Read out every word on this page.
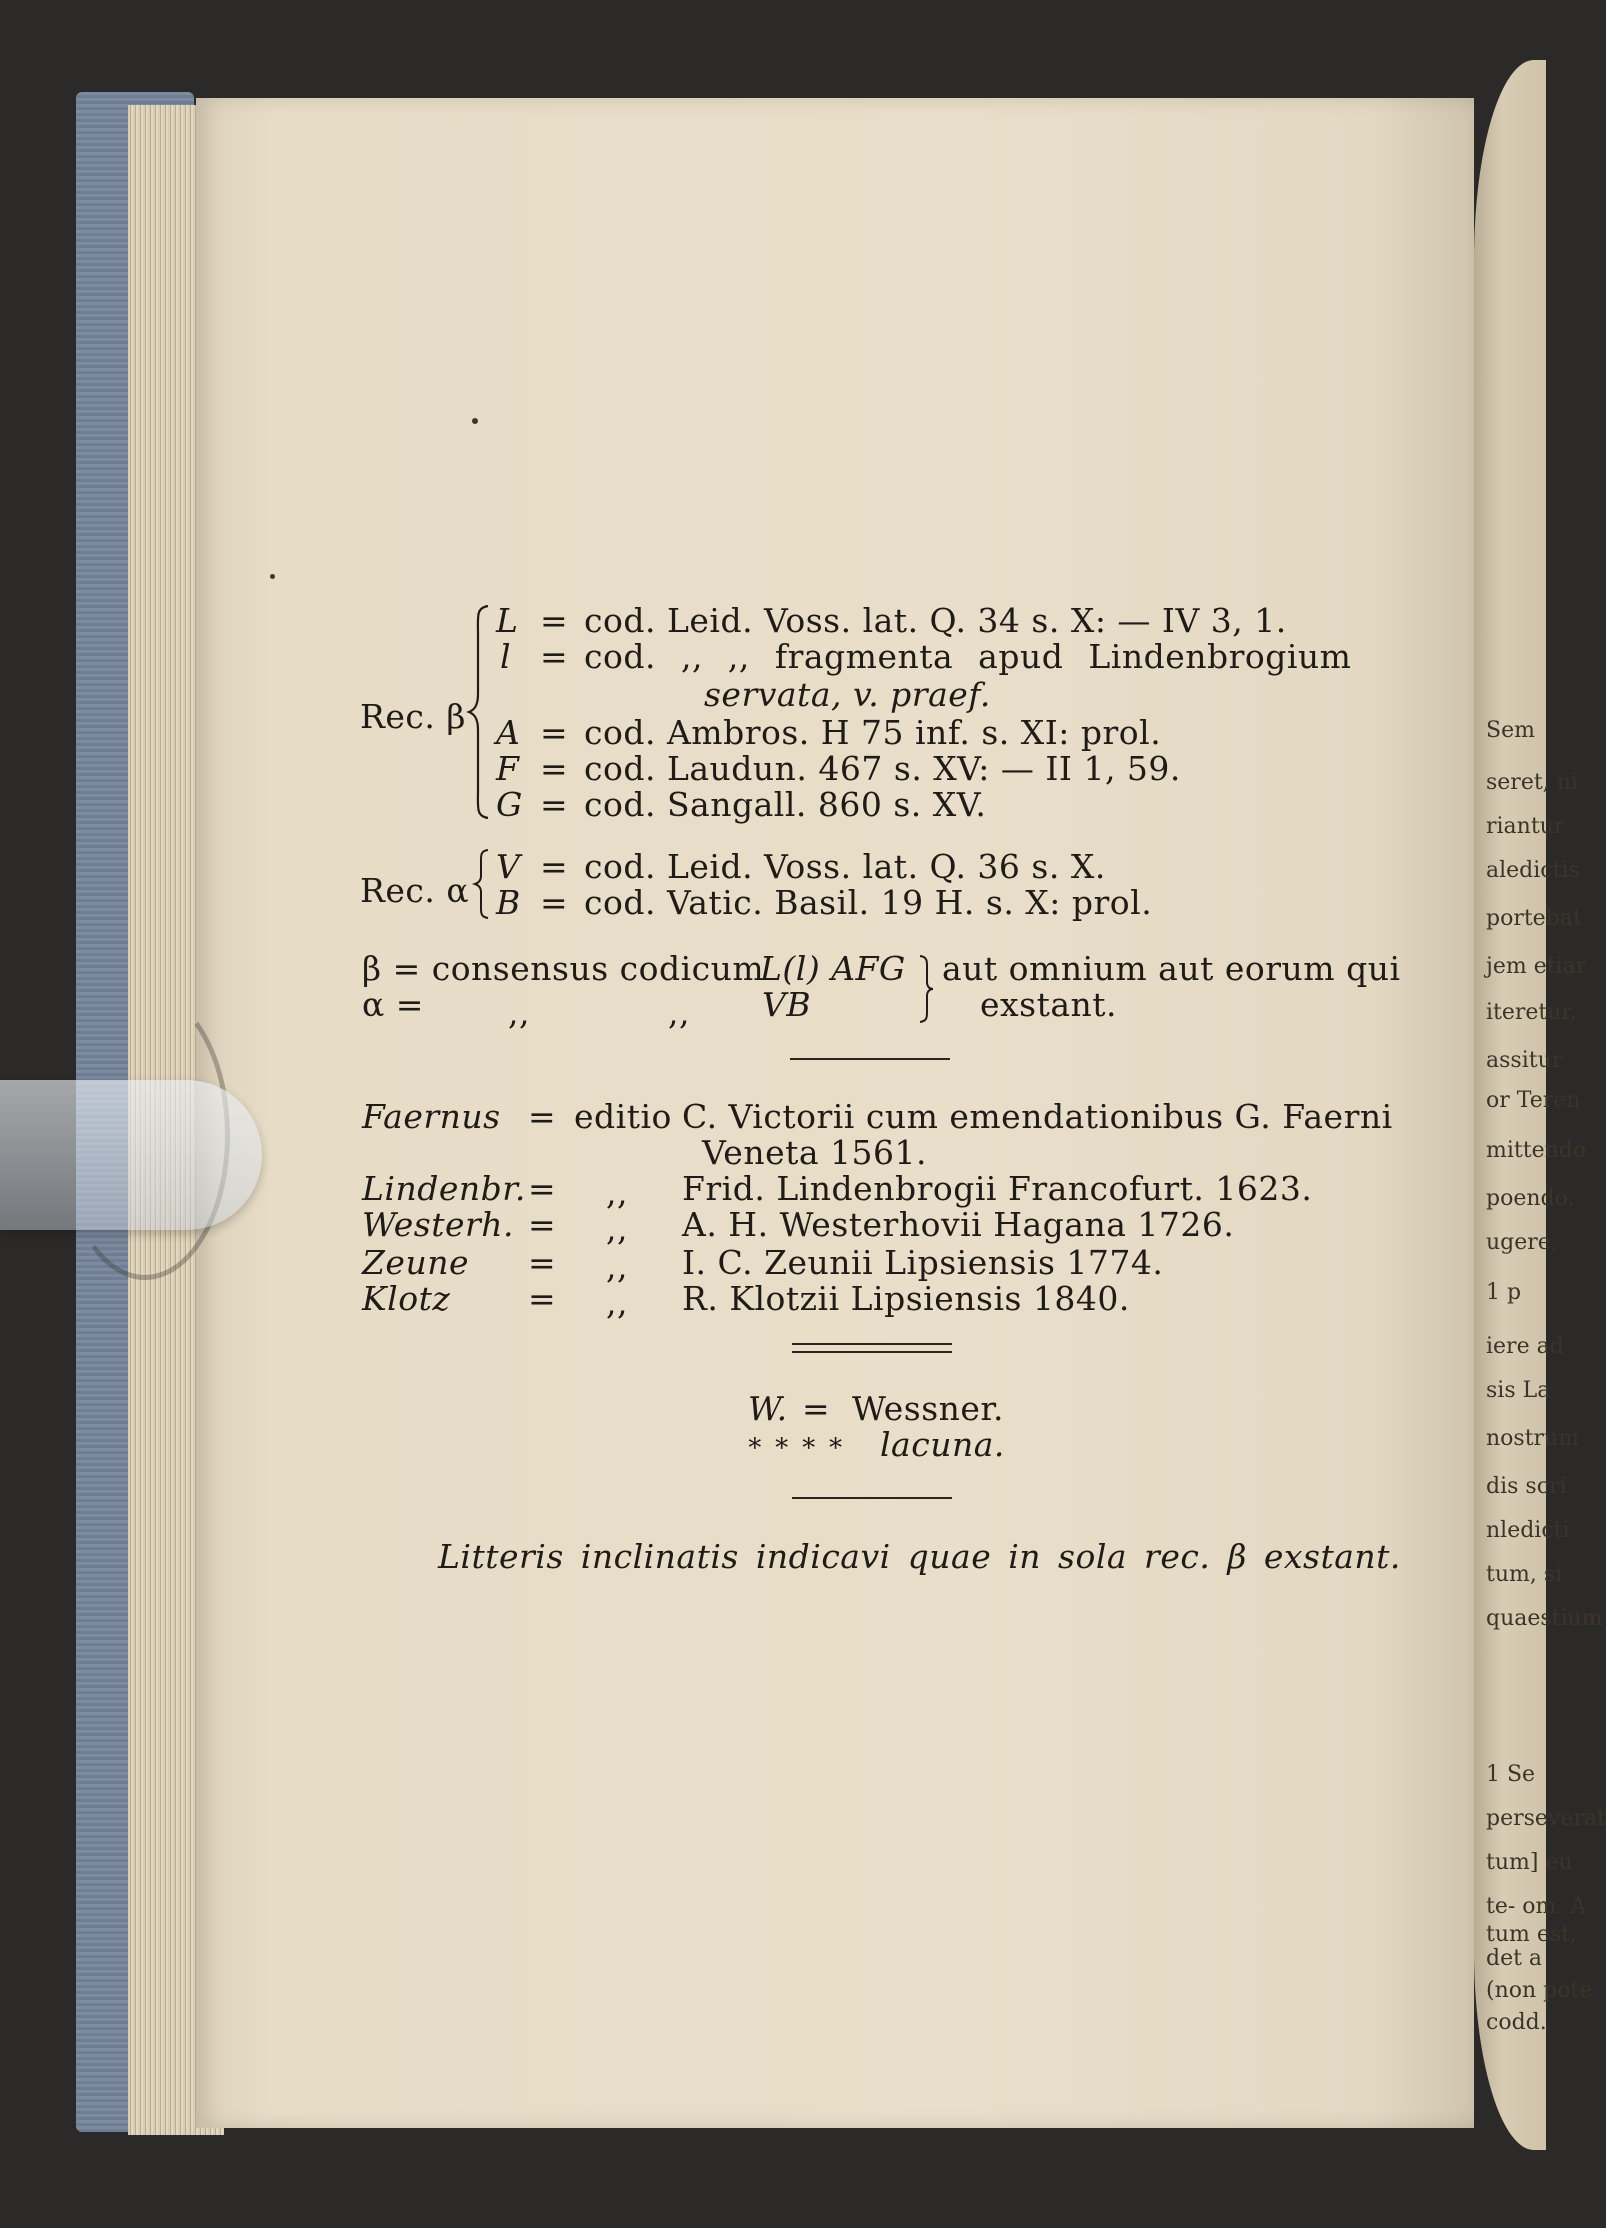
Sem
seret, ni
riantur
aledictis
portebat
jem etiar
iteretur,
assitur
or Teren
mittendo
poendo.
ugere,
1 p
iere ad
sis La
nostrum
dis scri
nledicti
tum, si
quaestium
1 Se
perseverat
tum] eu
te- om. A
tum est,
det a
(non pote
codd.
Rec. β
L = cod. Leid. Voss. lat. Q. 34 s. X: — IV 3, 1.
l = cod. ,, ,, fragmenta apud Lindenbrogium
servata, v. praef.
A = cod. Ambros. H 75 inf. s. XI: prol.
F = cod. Laudun. 467 s. XV: — II 1, 59.
G = cod. Sangall. 860 s. XV.
Rec. α
V = cod. Leid. Voss. lat. Q. 36 s. X.
B = cod. Vatic. Basil. 19 H. s. X: prol.
β = consensus codicum
L(l) AFG
α =	,,	,, VB
aut omnium aut eorum qui
exstant.
Faernus = editio C. Victorii cum emendationibus G. Faerni
Veneta 1561.
Lindenbr. = ,, Frid. Lindenbrogii Francofurt. 1623.
Westerh. = ,, A. H. Westerhovii Hagana 1726.
Zeune = ,, I. C. Zeunii Lipsiensis 1774.
Klotz = ,, R. Klotzii Lipsiensis 1840.
W. = Wessner.
∗ ∗ ∗ ∗ lacuna.
Litteris inclinatis indicavi quae in sola rec. β exstant.
